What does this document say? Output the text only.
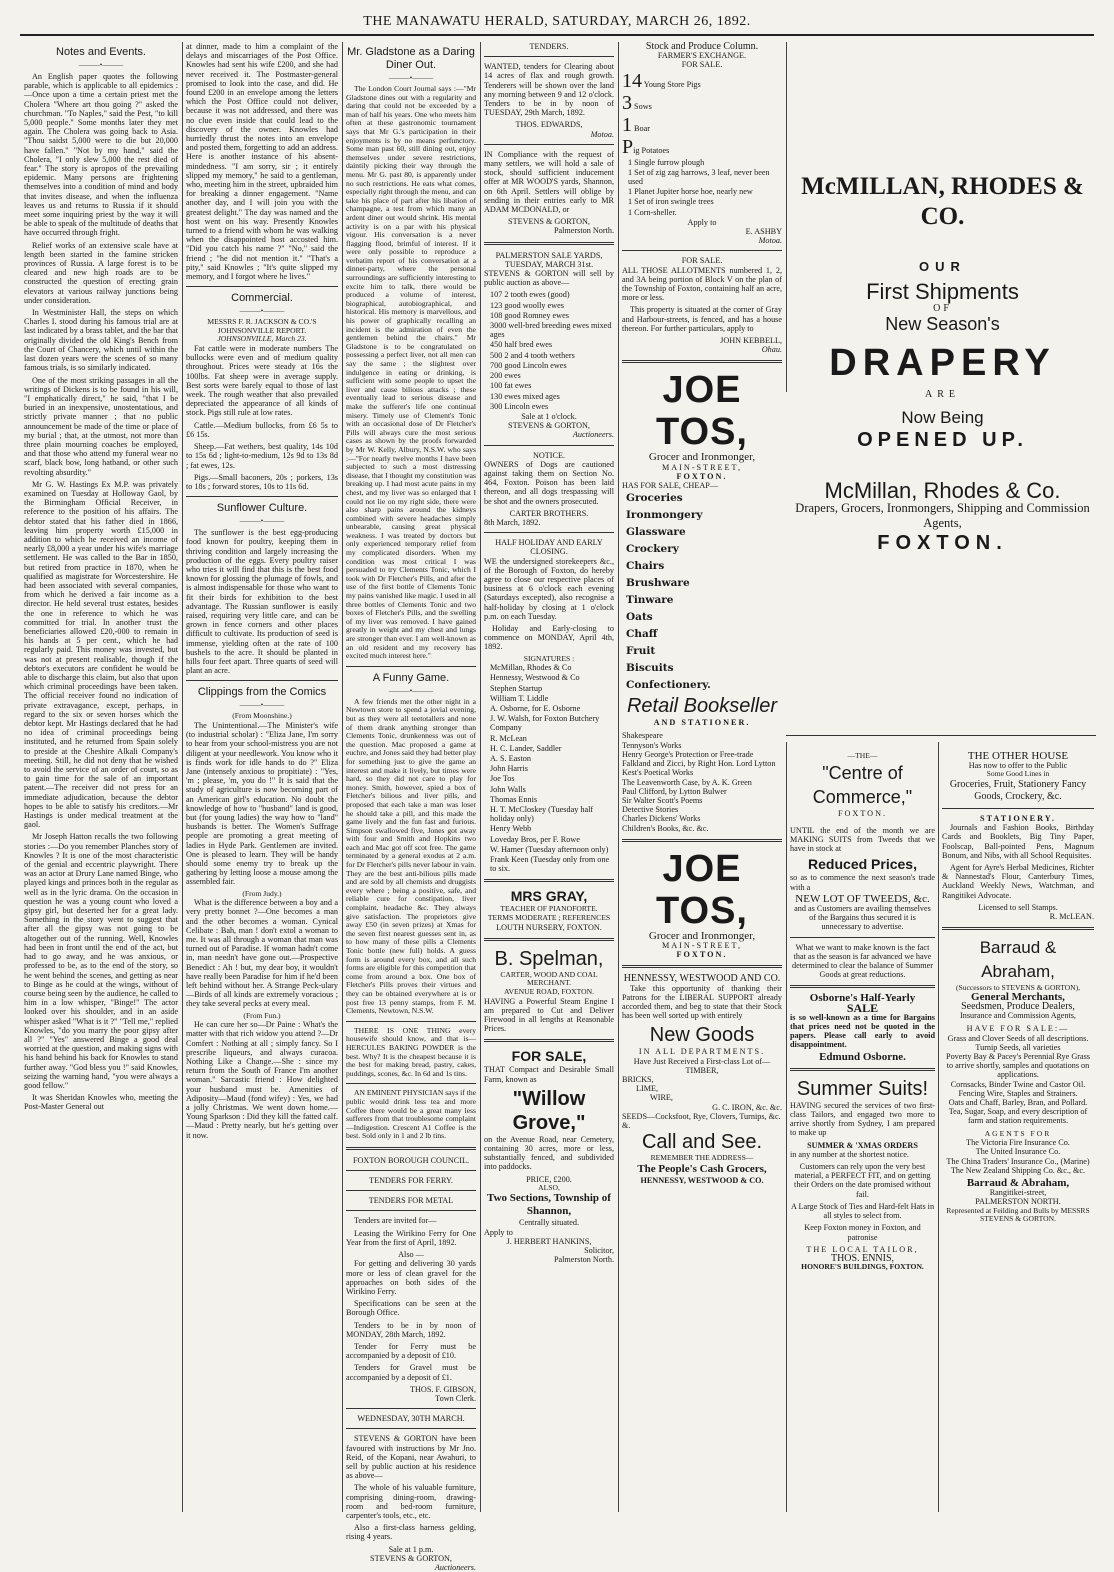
THE MANAWATU HERALD, SATURDAY, MARCH 26, 1892.
Notes and Events.
———•———

An English paper quotes the following parable, which is applicable to all epidemics :—Once upon a time a certain priest met the Cholera "Where art thou going ?" asked the churchman. "To Naples," said the Pest, "to kill 5,000 people." Some months later they met again. The Cholera was going back to Asia. "Thou saidst 5,000 were to die but 20,000 have fallen." "Not by my hand," said the Cholera, "I only slew 5,000 the rest died of fear." The story is apropos of the prevailing epidemic. Many persons are frightening themselves into a condition of mind and body that invites disease, and when the influenza leaves us and returns to Russia if it should meet some inquiring priest by the way it will be able to speak of the multitude of deaths that have occurred through fright.

Relief works of an extensive scale have at length been started in the famine stricken provinces of Russia. A large forest is to be cleared and new high roads are to be constructed the question of erecting grain elevators at various railway junctions being under consideration.

In Westminister Hall, the steps on which Charles I. stood during his famous trial are at last indicated by a brass tablet, and the bar that originally divided the old King's Bench from the Court of Chancery, which until within the last dozen years were the scenes of so many famous trials, is so similarly indicated.

One of the most striking passages in all the writings of Dickens is to be found in his will, "I emphatically direct," he said, "that I be buried in an inexpensive, unostentatious, and strictly private manner ; that no public announcement be made of the time or place of my burial ; that, at the utmost, not more than three plain mourning coaches be employed, and that those who attend my funeral wear no scarf, black bow, long hatband, or other such revolting absurdity."

Mr G. W. Hastings Ex M.P. was privately examined on Tuesday at Holloway Gaol, by the Birmingham Official Receiver, in reference to the position of his affairs. The debtor stated that his father died in 1866, leaving him property worth £15,000 in addition to which he received an income of nearly £8,000 a year under his wife's marriage settlement. He was called to the Bar in 1850, but retired from practice in 1870, when he qualified as magistrate for Worcestershire. He had been associated with several companies, from which he derived a fair income as a director. He held several trust estates, besides the one in reference to which he was committed for trial. In another trust the beneficiaries allowed £20,-000 to remain in his hands at 5 per cent., which he had regularly paid. This money was invested, but was not at present realisable, though if the debtor's executors are confident he would be able to discharge this claim, but also that upon which criminal proceedings have been taken. The official receiver found no indication of private extravagance, except, perhaps, in regard to the six or seven horses which the debtor kept. Mr Hastings declared that he had no idea of criminal proceedings being instituted, and he returned from Spain solely to preside at the Cheshire Alkali Company's meeting. Still, he did not deny that he wished to avoid the service of an order of court, so as to gain time for the sale of an important patent.—The receiver did not press for an immediate adjudication, because the debtor hopes to be able to satisfy his creditors.—Mr Hastings is under medical treatment at the gaol.

Mr Joseph Hatton recalls the two following stories :—Do you remember Planches story of Knowles ? It is one of the most characteristic of the genial and eccentric playwright. There was an actor at Drury Lane named Binge, who played kings and princes both in the regular as well as in the lyric drama. On the occasion in question he was a young count who loved a gipsy girl, but deserted her for a great lady. Something in the story went to suggest that after all the gipsy was not going to be altogether out of the running. Well, Knowles had been in front until the end of the act, but had to go away, and he was anxious, or professed to be, as to the end of the story, so he went behind the scenes, and getting as near to Binge as he could at the wings, without of course being seen by the audience, he called to him in a low whisper, "Binge!" The actor looked over his shoulder, and in an aside whisper asked "What is it ?" "Tell me," replied Knowles, "do you marry the poor gipsy after all ?" "Yes" answered Binge a good deal worried at the question, and making signs with his hand behind his back for Knowles to stand further away. "God bless you !" said Knowles, seizing the warning hand, "you were always a good fellow."

It was Sheridan Knowles who, meeting the Post-Master General out

at dinner, made to him a complaint of the delays and miscarriages of the Post Office. Knowles had sent his wife £200, and she had never received it. The Postmaster-general promised to look into the case, and did. He found £200 in an envelope among the letters which the Post Office could not deliver, because it was not addressed, and there was no clue even inside that could lead to the discovery of the owner. Knowles had hurriedly thrust the notes into an envelope and posted them, forgetting to add an address. Here is another instance of his absent-mindedness. "I am sorry, sir ; it entirely slipped my memory," he said to a gentleman, who, meeting him in the street, upbraided him for breaking a dinner engagement. "Name another day, and I will join you with the greatest delight." The day was named and the host went on his way. Presently Knowles turned to a friend with whom he was walking when the disappointed host accosted him. "Did you catch his name ?" "No," said the friend ; "he did not mention it." "That's a pity," said Knowles ; "It's quite slipped my memory, and I forgot where he lives."

Commercial.
———•———
MESSRS F. R. JACKSON & CO.'S JOHNSONVILLE REPORT.
JOHNSONVILLE, March 23.

Fat cattle were in moderate numbers The bullocks were even and of medium quality throughout. Prices were steady at 16s the 100lbs. Fat sheep were in average supply. Best sorts were barely equal to those of last week. The rough weather that also prevailed depreciated the appearance of all kinds of stock. Pigs still rule at low rates.

Cattle.—Medium bullocks, from £6 5s to £6 15s.

Sheep.—Fat wethers, best quality, 14s 10d to 15s 6d ; light-to-medium, 12s 9d to 13s 8d ; fat ewes, 12s.

Pigs.—Small baconers, 20s ; porkers, 13s to 18s ; forward stores, 10s to 11s 6d.

Sunflower Culture.
———•———

The sunflower is the best egg-producing food known for poultry, keeping them in thriving condition and largely increasing the production of the eggs. Every poultry raiser who tries it will find that this is the best food known for glossing the plumage of fowls, and is almost indispensable for those who want to fit their birds for exhibition to the best advantage. The Russian sunflower is easily raised, requiring very little care, and can be grown in fence corners and other places difficult to cultivate. Its production of seed is immense, yielding often at the rate of 100 bushels to the acre. It should be planted in hills four feet apart. Three quarts of seed will plant an acre.

Clippings from the Comics
———•———
(From Moonshine.)

The Unintentional.—The Minister's wife (to industrial scholar) : "Eliza Jane, I'm sorry to hear from your school-mistress you are not diligent at your needlework. You know who it is finds work for idle hands to do ?" Eliza Jane (intensely anxious to propitiate) : "Yes, 'm ; please, 'm, you do !" It is said that the study of agriculture is now becoming part of an American girl's education. No doubt the knowledge of how to "husband" land is good, but (for young ladies) the way how to "land" husbands is better. The Women's Suffrage people are promoting a great meeting of ladies in Hyde Park. Gentlemen are invited. One is pleased to learn. They will be handy should some enemy try to break up the gathering by letting loose a mouse among the assembled fair.

(From Judy.)

What is the difference between a boy and a very pretty bonnet ?—One becomes a man and the other becomes a woman. Cynical Celibate : Bah, man ! don't extol a woman to me. It was all through a woman that man was turned out of Paradise. If woman hadn't come in, man needn't have gone out.—Prospective Benedict : Ah ! but, my dear boy, it wouldn't have really been Paradise for him if he'd been left behind without her. A Strange Peck-ulary—Birds of all kinds are extremely voracious ; they take several pecks at every meal.

(From Fun.)

He can cure her so—Dr Paine : What's the matter with that rich widow you attend ?—Dr Comfert : Nothing at all ; simply fancy. So I prescribe liqueurs, and always curacoa. Nothing Like a Change.—She : since my return from the South of France I'm another woman." Sarcastic friend : How delighted your husband must be. Amenities of Adiposity—Maud (fond wifey) : Yes, we had a jolly Christmas. We went down home.—Young Sparkson : Did they kill the fatted calf.—Maud : Pretty nearly, but he's getting over it now.

Mr. Gladstone as a Daring Diner Out.
———•———

The London Court Journal says :—"Mr Gladstone dines out with a regularity and daring that could not be exceeded by a man of half his years. One who meets him often at these gastronomic tournament says that Mr G.'s participation in their enjoyments is by no means perfunctory. Some man past 60, still dining out, enjoy themselves under severe restrictions, daintily picking their way through the menu. Mr G. past 80, is apparently under no such restrictions. He eats what comes, especially right through the menu, and can take his place of part after his libation of champagne, a test from which many an ardent diner out would shrink. His mental activity is on a par with his physical vigour. His conversation is a never flagging flood, brimful of interest. If it were only possible to reproduce a verbatim report of his conversation at a dinner-party, where the personal surroundings are sufficiently interesting to excite him to talk, there would be produced a volume of interest, biographical, autobiographical, and historical. His memory is marvellous, and his power of graphically recalling an incident is the admiration of even the gentlemen behind the chairs." Mr Gladstone is to be congratulated on possessing a perfect liver, not all men can say the same ; the slightest over indulgence in eating or drinking, is sufficient with some people to upset the liver and cause bilious attacks ; these eventually lead to serious disease and make the sufferer's life one continual misery. Timely use of Clement's Tonic with an occasional dose of Dr Fletcher's Pills will always cure the most serious cases as shown by the proofs forwarded by Mr W. Kelly, Albury, N.S.W. who says :—"For nearly twelve months I have been subjected to such a most distressing disease, that I thought my constitution was breaking up. I had most acute pains in my chest, and my liver was so enlarged that I could not lie on my right side, there were also sharp pains around the kidneys combined with severe headaches simply unbearable, causing great physical weakness. I was treated by doctors but only experienced temporary relief from my complicated disorders. When my condition was most critical I was persuaded to try Clements Tonic, which I took with Dr Fletcher's Pills, and after the use of the first bottle of Clements Tonic my pains vanished like magic. I used in all three bottles of Clements Tonic and two boxes of Fletcher's Pills, and the swelling of my liver was removed. I have gained greatly in weight and my chest and lungs are stronger than ever. I am well-known as an old resident and my recovery has excited much interest here."

A Funny Game.
———•———

A few friends met the other night in a Newtown store to spend a jovial evening, but as they were all teetotallers and none of them drank anything stronger than Clements Tonic, drunkenness was out of the question. Mac proposed a game at euchre, and Jones said they had better play for something just to give the game an interest and make it lively, but times were hard, so they did not care to play for money. Smith, however, spied a box of Fletcher's bilious and liver pills, and proposed that each take a man was loser he should take a pill, and this made the game lively and the fun fast and furious. Simpson swallowed five, Jones got away with four and Smith and Hopkins two each and Mac got off scot free. The game terminated by a general exodus at 2 a.m. for Dr Fletcher's pills never labour in vain. They are the best anti-bilious pills made and are sold by all chemists and druggists every where ; being a positive, safe, and reliable cure for constipation, liver complaint, headache &c. They always give satisfaction. The proprietors give away £50 (in seven prizes) at Xmas for the seven first nearest guesses sent in, as to how many of these pills a Clements Tonic bottle (new full) holds. A guess form is around every box, and all such forms are eligible for this competition that come from around a box. One box of Fletcher's Pills proves their virtues and they can be obtained everywhere at is or post free 13 penny stamps, from F. M. Clements, Newtown, N.S.W.

THERE IS ONE THING every housewife should know, and that is—HERCULES BAKING POWDER is the best. Why? It is the cheapest because it is the best for making bread, pastry, cakes, puddings, scones, &c. In 6d and 1s tins.

AN EMINENT PHYSICIAN says if the public would drink less tea and more Coffee there would be a great many less sufferers from that troublesome complaint—Indigestion. Crescent A1 Coffee is the best. Sold only in 1 and 2 lb tins.

FOXTON BOROUGH COUNCIL.
TENDERS FOR FERRY.
TENDERS FOR METAL

Tenders are invited for—

Leasing the Wirikino Ferry for One Year from the first of April, 1892.

Also —

For getting and delivering 30 yards more or less of clean gravel for the approaches on both sides of the Wirikino Ferry.

Specifications can be seen at the Borough Office.

Tenders to be in by noon of MONDAY, 28th March, 1892.

Tender for Ferry must be accompanied by a deposit of £10.

Tenders for Gravel must be accompanied by a deposit of £1.

THOS. F. GIBSON,
Town Clerk.
WEDNESDAY, 30TH MARCH.

STEVENS & GORTON have been favoured with instructions by Mr Jno. Reid, of the Kopani, near Awahuri, to sell by public auction at his residence as above—

The whole of his valuable furniture, comprising dining-room, drawing-room and bed-room furniture, carpenter's tools, etc., etc.

Also a first-class harness gelding, rising 4 years.

Sale at 1 p.m.
STEVENS & GORTON,
Auctioneers.
TENDERS.

WANTED, tenders for Clearing about 14 acres of flax and rough growth. Tenderers will be shown over the land any morning between 9 and 12 o'clock. Tenders to be in by noon of TUESDAY, 29th March, 1892.

THOS. EDWARDS,
Motoa.

IN Compliance with the request of many settlers, we will hold a sale of stock, should sufficient inducement offer at MR WOOD'S yards, Shannon, on 6th April. Settlers will oblige by sending in their entries early to MR ADAM MCDONALD, or

STEVENS & GORTON,
Palmerston North.
PALMERSTON SALE YARDS,
TUESDAY, MARCH 31st.

STEVENS & GORTON will sell by public auction as above—

107 2 tooth ewes (good)
123 good woolly ewes
108 good Romney ewes
3000 well-bred breeding ewes mixed ages
450 half bred ewes
500 2 and 4 tooth wethers
700 good Lincoln ewes
200 ewes
100 fat ewes
130 ewes mixed ages
300 Lincoln ewes
Sale at 1 o'clock.
STEVENS & GORTON,
Auctioneers.
NOTICE.

OWNERS of Dogs are cautioned against taking them on Section No. 464, Foxton. Poison has been laid thereon, and all dogs trespassing will be shot and the owners prosecuted.

CARTER BROTHERS.
8th March, 1892.
HALF HOLIDAY AND EARLY CLOSING.

WE the undersigned storekeepers &c., of the Borough of Foxton, do hereby agree to close our respective places of business at 6 o'clock each evening (Saturdays excepted), also recognise a half-holiday by closing at 1 o'clock p.m. on each Tuesday.

Holiday and Early-closing to commence on MONDAY, April 4th, 1892.

SIGNATURES :
McMillan, Rhodes & Co
Hennessy, Westwood & Co
Stephen Startup
William T. Liddle
A. Osborne, for E. Osborne
J. W. Walsh, for Foxton Butchery Company
R. McLean
H. C. Lander, Saddler
A. S. Easton
John Harris
Joe Tos
John Walls
Thomas Ennis
H. T. McCloskey (Tuesday half holiday only)
Henry Webb
Loveday Bros, per F. Rowe
W. Hamer (Tuesday afternoon only)
Frank Keen (Tuesday only from one to six.
MRS GRAY,
TEACHER OF PIANOFORTE.
TERMS MODERATE ; REFERENCES
LOUTH NURSERY, FOXTON.
B. Spelman,
CARTER, WOOD AND COAL MERCHANT.
AVENUE ROAD, FOXTON.

HAVING a Powerful Steam Engine I am prepared to Cut and Deliver Firewood in all lengths at Reasonable Prices.

FOR SALE,

THAT Compact and Desirable Small Farm, known as

"Willow Grove,"

on the Avenue Road, near Cemetery, containing 30 acres, more or less, substantially fenced, and subdivided into paddocks.

PRICE, £200.
ALSO,
Two Sections, Township of Shannon,
Centrally situated.
Apply to
J. HERBERT HANKINS,
Solicitor,
Palmerston North.
Stock and Produce Column.
FARMER'S EXCHANGE.
FOR SALE.
14 Young Store Pigs
3 Sows
1 Boar
Pig Potatoes
1 Single furrow plough
1 Set of zig zag harrows, 3 leaf, never been used
1 Planet Jupiter horse hoe, nearly new
1 Set of iron swingle trees
1 Corn-sheller.
Apply to
E. ASHBY
Motoa.
FOR SALE.

ALL THOSE ALLOTMENTS numbered 1, 2, and 3A being portion of Block V on the plan of the Township of Foxton, containing half an acre, more or less.

This property is situated at the corner of Gray and Harbour-streets, is fenced, and has a house thereon. For further particulars, apply to

JOHN KEBBELL,
Ohau.
JOE TOS,
Grocer and Ironmonger,
MAIN-STREET,
FOXTON.
HAS FOR SALE, CHEAP—
Groceries
Ironmongery
Glassware
Crockery
Chairs
Brushware
Tinware
Oats
Chaff
Fruit
Biscuits
Confectionery.
Retail Bookseller
AND STATIONER.
Shakespeare
Tennyson's Works
Henry George's Protection or Free-trade
Falkland and Zicci, by Right Hon. Lord Lytton
Kest's Poetical Works
The Leavenworth Case, by A. K. Green
Paul Clifford, by Lytton Bulwer
Sir Walter Scott's Poems
Detective Stories
Charles Dickens' Works
Children's Books, &c. &c.
JOE TOS,
Grocer and Ironmonger,
MAIN-STREET,
FOXTON.
HENNESSY, WESTWOOD AND CO.

Take this opportunity of thanking their Patrons for the LIBERAL SUPPORT already accorded them, and beg to state that their Stock has been well sorted up with entirely

New Goods
IN ALL DEPARTMENTS.
Have Just Received a First-class Lot of—
TIMBER,
BRICKS,
LIME,
WIRE,
G. C. IRON, &c. &c.
SEEDS—Cocksfoot, Rye, Clovers, Turnips, &c. &.
Call and See.
REMEMBER THE ADDRESS—
The People's Cash Grocers,
HENNESSY, WESTWOOD & CO.
McMILLAN, RHODES & CO.
OUR
First Shipments
OF
New Season's
DRAPERY
ARE
Now Being
OPENED UP.
McMillan, Rhodes & Co.
Drapers, Grocers, Ironmongers, Shipping and Commission Agents,
FOXTON.
—THE—
"Centre of Commerce,"
FOXTON.

UNTIL the end of the month we are MAKING SUITS from Tweeds that we have in stock at

Reduced Prices,

so as to commence the next season's trade with a

NEW LOT OF TWEEDS, &c.

and as Customers are availing themselves of the Bargains thus secured it is unnecessary to advertise.

What we want to make known is the fact that as the season is far advanced we have determined to clear the balance of Summer Goods at great reductions.

Osborne's Half-Yearly
SALE

is so well-known as a time for Bargains that prices need not be quoted in the papers. Please call early to avoid disappointment.

Edmund Osborne.
Summer Suits!

HAVING secured the services of two first-class Tailors, and engaged two more to arrive shortly from Sydney, I am prepared to make up

SUMMER & 'XMAS ORDERS

in any number at the shortest notice.

Customers can rely upon the very best material, a PERFECT FIT, and on getting their Orders on the date promised without fail.

A Large Stock of Ties and Hard-felt Hats in all styles to select from.

Keep Foxton money in Foxton, and patronise

THE LOCAL TAILOR,
THOS. ENNIS,
HONORE'S BUILDINGS, FOXTON.
THE OTHER HOUSE
Has now to offer to the Public
Some Good Lines in
Groceries, Fruit, Stationery Fancy Goods, Crockery, &c.
STATIONERY.

Journals and Fashion Books, Birthday Cards and Booklets, Big Tiny Paper, Foolscap, Ball-pointed Pens, Magnum Bonum, and Nibs, with all School Requisites.

Agent for Ayre's Herbal Medicines, Richter & Nannestad's Flour, Canterbury Times, Auckland Weekly News, Watchman, and Rangitikei Advocate.

Licensed to sell Stamps.
R. McLEAN.
Barraud & Abraham,
(Successors to STEVENS & GORTON),
General Merchants,
Seedsmen, Produce Dealers,
Insurance and Commission Agents,
HAVE FOR SALE:—
Grass and Clover Seeds of all descriptions.
Turnip Seeds, all varieties
Poverty Bay & Pacey's Perennial Rye Grass to arrive shortly, samples and quotations on applications.
Cornsacks, Binder Twine and Castor Oil.
Fencing Wire, Staples and Strainers.
Oats and Chaff, Barley, Bran, and Pollard.
Tea, Sugar, Soap, and every description of farm and station requirements.
AGENTS FOR
The Victoria Fire Insurance Co.
The United Insurance Co.
The China Traders' Insurance Co., (Marine)
The New Zealand Shipping Co. &c., &c.
Barraud & Abraham,
Rangitikei-street,
PALMERSTON NORTH.
Represented at Feilding and Bulls by MESSRS STEVENS & GORTON.
